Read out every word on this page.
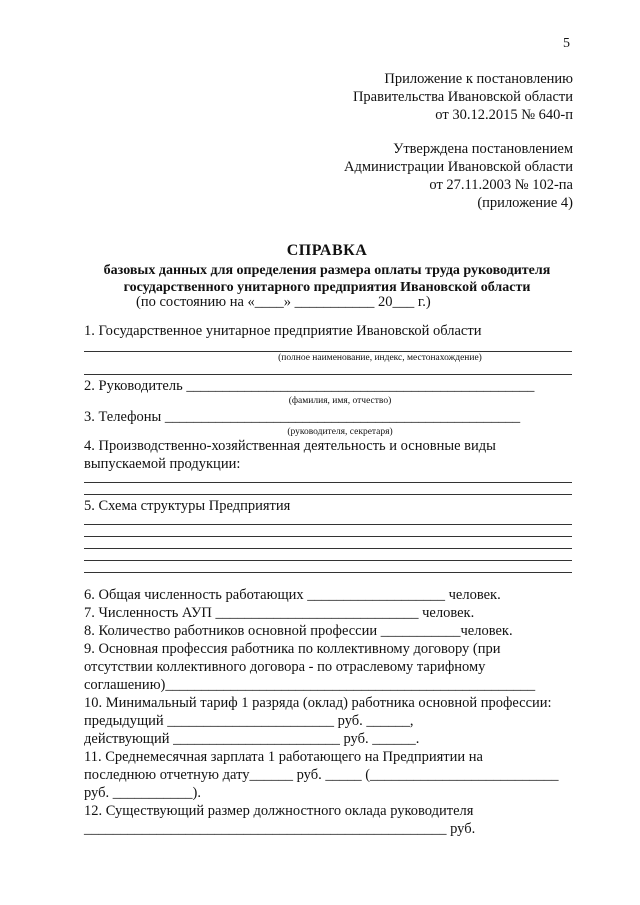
5
Приложение к постановлению
Правительства Ивановской области
от 30.12.2015 № 640-п
Утверждена постановлением
Администрации Ивановской области
от 27.11.2003 № 102-па
(приложение 4)
СПРАВКА
базовых данных для определения размера оплаты труда руководителя
государственного унитарного предприятия Ивановской области
(по состоянию на «____» ___________ 20___ г.)
1. Государственное унитарное предприятие Ивановской области
(полное наименование, индекс, местонахождение)
2. Руководитель ________________________________________________
(фамилия, имя, отчество)
3. Телефоны _________________________________________________
(руководителя, секретаря)
4. Производственно-хозяйственная деятельность и основные виды
выпускаемой продукции:
5. Схема структуры Предприятия
6. Общая численность работающих ___________________ человек.
7. Численность АУП ____________________________ человек.
8. Количество работников основной профессии ___________человек.
9. Основная профессия работника по коллективному договору (при
отсутствии коллективного договора - по отраслевому тарифному
соглашению)___________________________________________________
10. Минимальный тариф 1 разряда (оклад) работника основной профессии:
предыдущий _______________________ руб. ______,
действующий _______________________ руб. ______.
11. Среднемесячная зарплата 1 работающего на Предприятии на
последнюю отчетную дату______ руб. _____ (__________________________
руб. ___________).
12. Существующий размер должностного оклада руководителя
__________________________________________________ руб.
